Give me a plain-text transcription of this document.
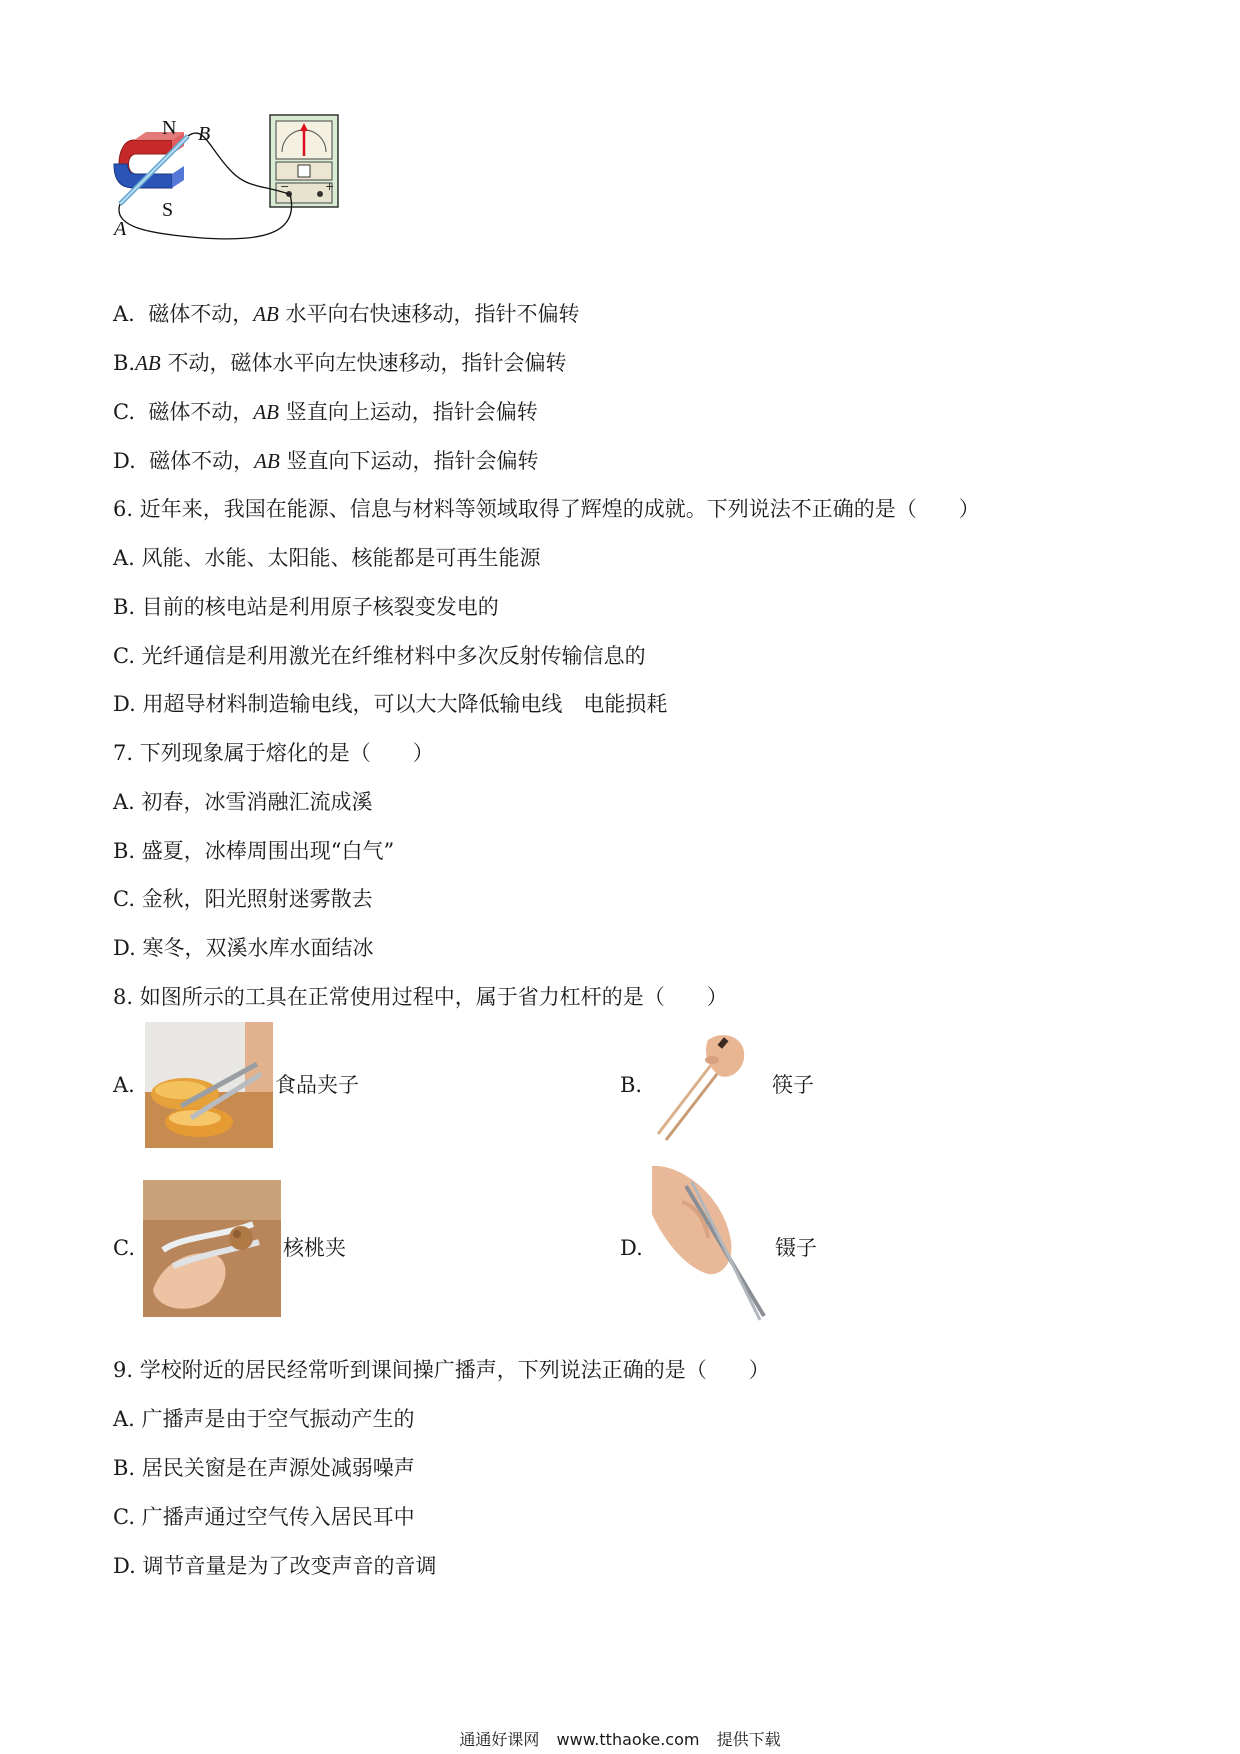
−	+
N
S
A
B
A. 磁体不动，AB 水平向右快速移动，指针不偏转
B.AB 不动，磁体水平向左快速移动，指针会偏转
C. 磁体不动，AB 竖直向上运动，指针会偏转
D. 磁体不动，AB 竖直向下运动，指针会偏转
6. 近年来，我国在能源、信息与材料等领域取得了辉煌的成就。下列说法不正确的是（　　）
A. 风能、水能、太阳能、核能都是可再生能源
B. 目前的核电站是利用原子核裂变发电的
C. 光纤通信是利用激光在纤维材料中多次反射传输信息的
D. 用超导材料制造输电线，可以大大降低输电线　电能损耗
7. 下列现象属于熔化的是（　　）
A. 初春，冰雪消融汇流成溪
B. 盛夏，冰棒周围出现“白气”
C. 金秋，阳光照射迷雾散去
D. 寒冬，双溪水库水面结冰
8. 如图所示的工具在正常使用过程中，属于省力杠杆的是（　　）
A.	食品夹子	B.	筷子
C.	核桃夹	D.	镊子
9. 学校附近的居民经常听到课间操广播声，下列说法正确的是（　　）
A. 广播声是由于空气振动产生的
B. 居民关窗是在声源处减弱噪声
C. 广播声通过空气传入居民耳中
D. 调节音量是为了改变声音的音调
通通好课网 www.tthaoke.com 提供下载
